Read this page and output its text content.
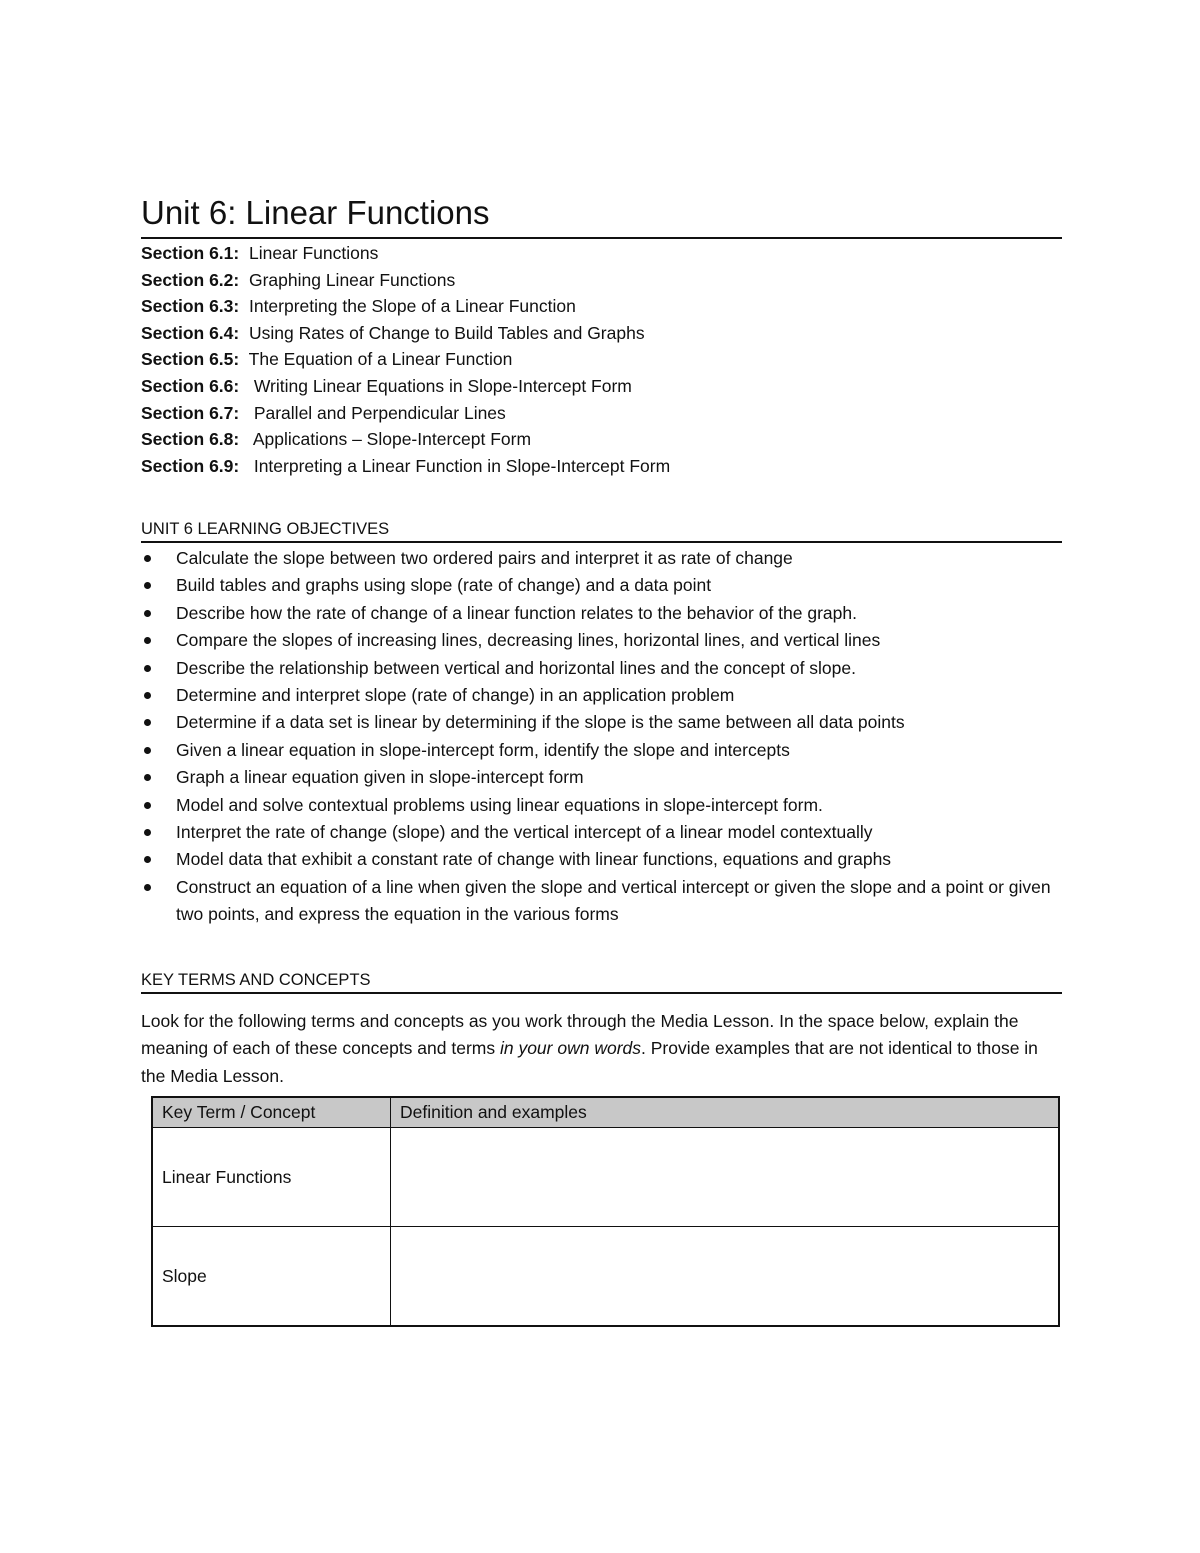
Unit 6: Linear Functions
Section 6.1: Linear Functions
Section 6.2: Graphing Linear Functions
Section 6.3: Interpreting the Slope of a Linear Function
Section 6.4: Using Rates of Change to Build Tables and Graphs
Section 6.5: The Equation of a Linear Function
Section 6.6: Writing Linear Equations in Slope-Intercept Form
Section 6.7: Parallel and Perpendicular Lines
Section 6.8: Applications – Slope-Intercept Form
Section 6.9: Interpreting a Linear Function in Slope-Intercept Form
UNIT 6 LEARNING OBJECTIVES
Calculate the slope between two ordered pairs and interpret it as rate of change
Build tables and graphs using slope (rate of change) and a data point
Describe how the rate of change of a linear function relates to the behavior of the graph.
Compare the slopes of increasing lines, decreasing lines, horizontal lines, and vertical lines
Describe the relationship between vertical and horizontal lines and the concept of slope.
Determine and interpret slope (rate of change) in an application problem
Determine if a data set is linear by determining if the slope is the same between all data points
Given a linear equation in slope-intercept form, identify the slope and intercepts
Graph a linear equation given in slope-intercept form
Model and solve contextual problems using linear equations in slope-intercept form.
Interpret the rate of change (slope) and the vertical intercept of a linear model contextually
Model data that exhibit a constant rate of change with linear functions, equations and graphs
Construct an equation of a line when given the slope and vertical intercept or given the slope and a point or given two points, and express the equation in the various forms
KEY TERMS AND CONCEPTS

Look for the following terms and concepts as you work through the Media Lesson. In the space below, explain the meaning of each of these concepts and terms in your own words. Provide examples that are not identical to those in the Media Lesson.

Key Term / Concept	Definition and examples
Linear Functions	
Slope	
